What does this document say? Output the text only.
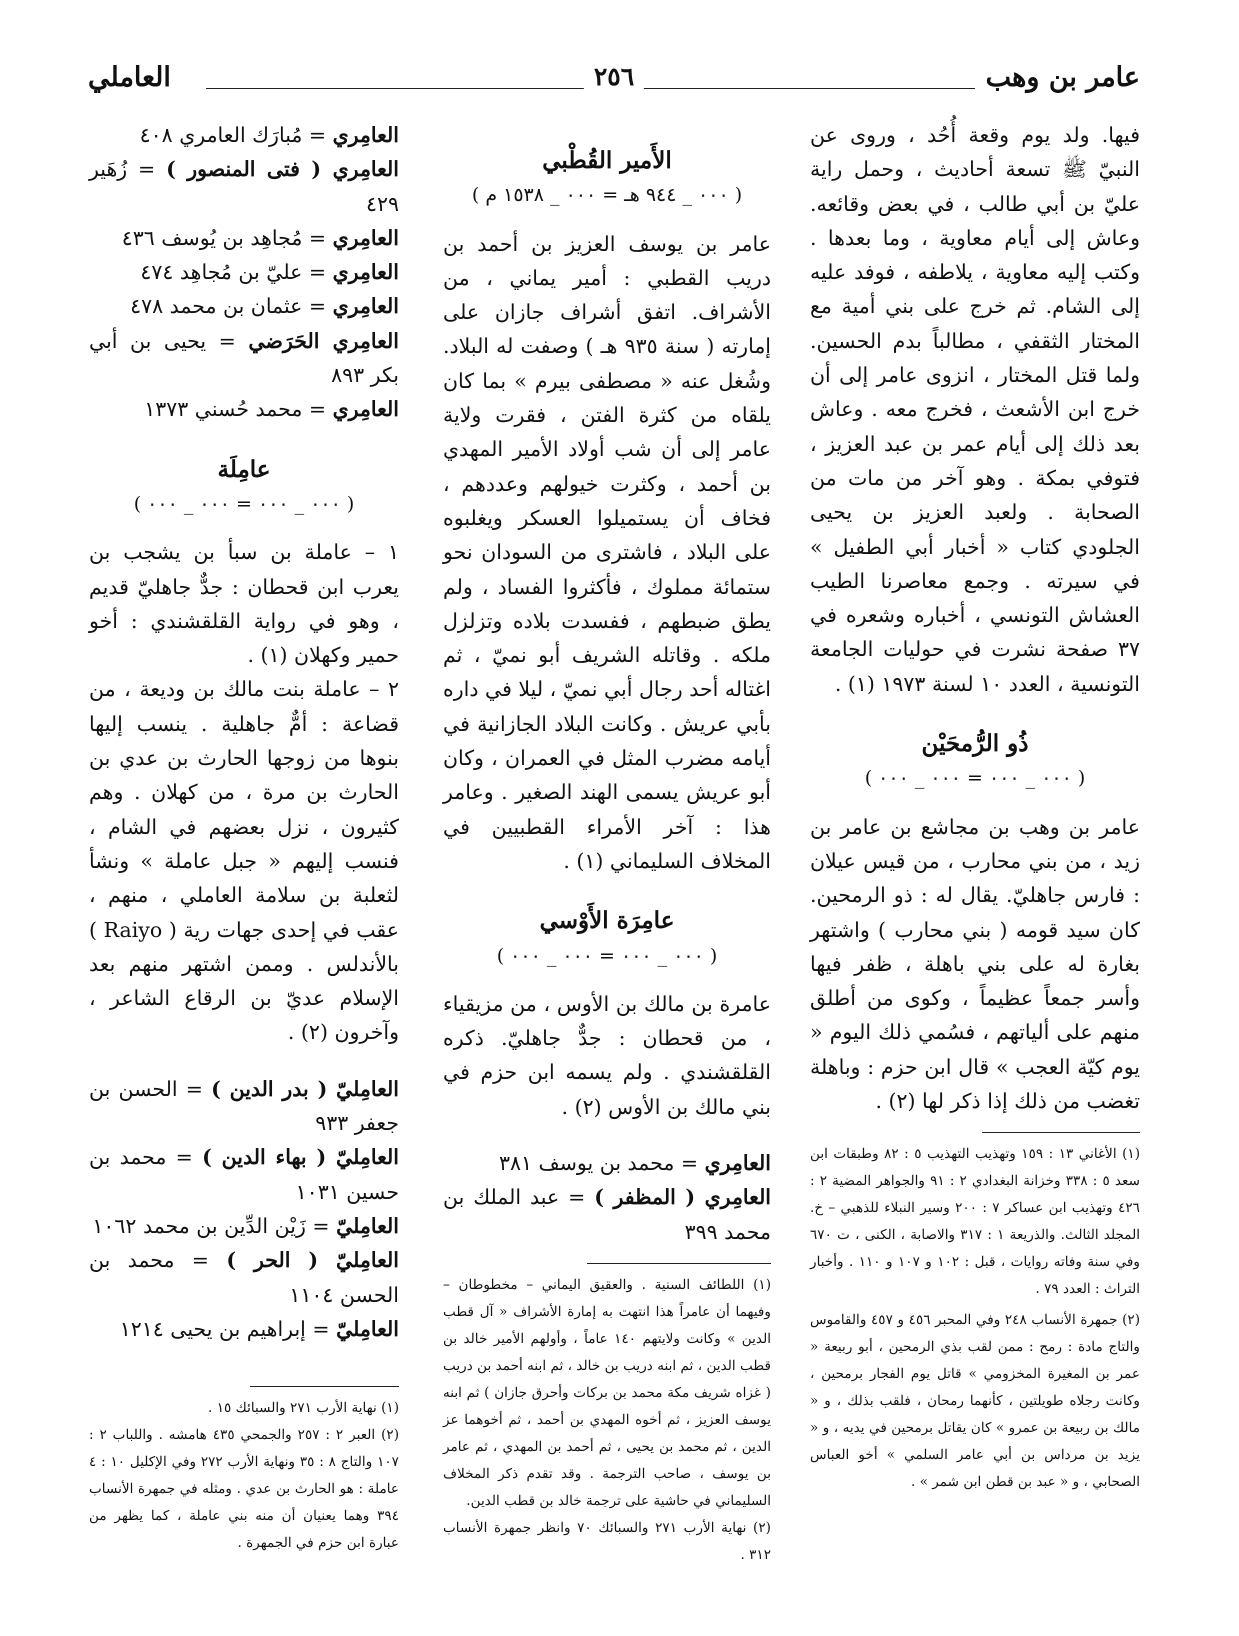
عامر بن وهب
٢٥٦
العاملي

فيها. ولد يوم وقعة أُحُد ، وروى عن النبيّ ﷺ تسعة أحاديث ، وحمل راية عليّ بن أبي طالب ، في بعض وقائعه. وعاش إلى أيام معاوية ، وما بعدها . وكتب إليه معاوية ، يلاطفه ، فوفد عليه إلى الشام. ثم خرج على بني أمية مع المختار الثقفي ، مطالباً بدم الحسين. ولما قتل المختار ، انزوى عامر إلى أن خرج ابن الأشعث ، فخرج معه . وعاش بعد ذلك إلى أيام عمر بن عبد العزيز ، فتوفي بمكة . وهو آخر من مات من الصحابة . ولعبد العزيز بن يحيى الجلودي كتاب « أخبار أبي الطفيل » في سيرته . وجمع معاصرنا الطيب العشاش التونسي ، أخباره وشعره في ٣٧ صفحة نشرت في حوليات الجامعة التونسية ، العدد ١٠ لسنة ١٩٧٣ (١) .

ذُو الرُّمحَيْن

( ٠٠٠ _ ٠٠٠ = ٠٠٠ _ ٠٠٠ )

عامر بن وهب بن مجاشع بن عامر بن زيد ، من بني محارب ، من قيس عيلان : فارس جاهليّ. يقال له : ذو الرمحين. كان سيد قومه ( بني محارب ) واشتهر بغارة له على بني باهلة ، ظفر فيها وأسر جمعاً عظيماً ، وكوى من أطلق منهم على ألياتهم ، فسُمي ذلك اليوم « يوم كيّة العجب » قال ابن حزم : وباهلة تغضب من ذلك إذا ذكر لها (٢) .

(١) الأغاني ١٣ : ١٥٩ وتهذيب التهذيب ٥ : ٨٢ وطبقات ابن سعد ٥ : ٣٣٨ وخزانة البغدادي ٢ : ٩١ والجواهر المضية ٢ : ٤٢٦ وتهذيب ابن عساكر ٧ : ٢٠٠ وسير النبلاء للذهبي – خ. المجلد الثالث. والذريعة ١ : ٣١٧ والاصابة ، الكنى ، ت ٦٧٠ وفي سنة وفاته روايات ، قبل : ١٠٢ و ١٠٧ و ١١٠ . وأخبار التراث : العدد ٧٩ .

(٢) جمهرة الأنساب ٢٤٨ وفي المحبر ٤٥٦ و ٤٥٧ والقاموس والتاج مادة : رمح : ممن لقب بذي الرمحين ، أبو ربيعة « عمر بن المغيرة المخزومي » قاتل يوم الفجار برمحين ، وكانت رجلاه طويلتين ، كأنهما رمحان ، فلقب بذلك ، و « مالك بن ربيعة بن عمرو » كان يقاتل برمحين في يديه ، و « يزيد بن مرداس بن أبي عامر السلمي » أخو العباس الصحابي ، و « عبد بن قطن ابن شمر » .

الأَمير القُطْبي

( ٠٠٠ _ ٩٤٤ هـ = ٠٠٠ _ ١٥٣٨ م )

عامر بن يوسف العزيز بن أحمد بن دريب القطبي : أمير يماني ، من الأشراف. اتفق أشراف جازان على إمارته ( سنة ٩٣٥ هـ ) وصفت له البلاد. وشُغل عنه « مصطفى بيرم » بما كان يلقاه من كثرة الفتن ، فقرت ولاية عامر إلى أن شب أولاد الأمير المهدي بن أحمد ، وكثرت خيولهم وعددهم ، فخاف أن يستميلوا العسكر ويغلبوه على البلاد ، فاشترى من السودان نحو ستمائة مملوك ، فأكثروا الفساد ، ولم يطق ضبطهم ، ففسدت بلاده وتزلزل ملكه . وقاتله الشريف أبو نميّ ، ثم اغتاله أحد رجال أبي نميّ ، ليلا في داره بأبي عريش . وكانت البلاد الجازانية في أيامه مضرب المثل في العمران ، وكان أبو عريش يسمى الهند الصغير . وعامر هذا : آخر الأمراء القطبيين في المخلاف السليماني (١) .

عامِرَة الأَوْسي

( ٠٠٠ _ ٠٠٠ = ٠٠٠ _ ٠٠٠ )

عامرة بن مالك بن الأوس ، من مزيقياء ، من قحطان : جدٌّ جاهليّ. ذكره القلقشندي . ولم يسمه ابن حزم في بني مالك بن الأوس (٢) .

العامِري = محمد بن يوسف ٣٨١

العامِري ( المظفر ) = عبد الملك بن محمد ٣٩٩

(١) اللطائف السنية . والعقيق اليماني – مخطوطان – وفيهما أن عامراً هذا انتهت به إمارة الأشراف « آل قطب الدين » وكانت ولايتهم ١٤٠ عاماً ، وأولهم الأمير خالد بن قطب الدين ، ثم ابنه دريب بن خالد ، ثم ابنه أحمد بن دريب ( غزاه شريف مكة محمد بن بركات وأحرق جازان ) ثم ابنه يوسف العزيز ، ثم أخوه المهدي بن أحمد ، ثم أخوهما عز الدين ، ثم محمد بن يحيى ، ثم أحمد بن المهدي ، ثم عامر بن يوسف ، صاحب الترجمة . وقد تقدم ذكر المخلاف السليماني في حاشية على ترجمة خالد بن قطب الدين.

(٢) نهاية الأرب ٢٧١ والسبائك ٧٠ وانظر جمهرة الأنساب ٣١٢ .

العامِري = مُبارَك العامري ٤٠٨

العامِري ( فتى المنصور ) = زُهَير ٤٢٩

العامِري = مُجاهِد بن يُوسف ٤٣٦

العامِري = عليّ بن مُجاهِد ٤٧٤

العامِري = عثمان بن محمد ٤٧٨

العامِري الحَرَضي = يحيى بن أبي بكر ٨٩٣

العامِري = محمد حُسني ١٣٧٣

عامِلَة

( ٠٠٠ _ ٠٠٠ = ٠٠٠ _ ٠٠٠ )

١ – عاملة بن سبأ بن يشجب بن يعرب ابن قحطان : جدٌّ جاهليّ قديم ، وهو في رواية القلقشندي : أخو حمير وكهلان (١) .

٢ – عاملة بنت مالك بن وديعة ، من قضاعة : أمٌّ جاهلية . ينسب إليها بنوها من زوجها الحارث بن عدي بن الحارث بن مرة ، من كهلان . وهم كثيرون ، نزل بعضهم في الشام ، فنسب إليهم « جبل عاملة » ونشأ لثعلبة بن سلامة العاملي ، منهم ، عقب في إحدى جهات رية ( Raiyo ) بالأندلس . وممن اشتهر منهم بعد الإسلام عديّ بن الرقاع الشاعر ، وآخرون (٢) .

العامِليّ ( بدر الدين ) = الحسن بن جعفر ٩٣٣

العامِليّ ( بهاء الدين ) = محمد بن حسين ١٠٣١

العامِليّ = زَيْن الدِّين بن محمد ١٠٦٢

العامِليّ ( الحر ) = محمد بن الحسن ١١٠٤

العامِليّ = إبراهيم بن يحيى ١٢١٤

(١) نهاية الأرب ٢٧١ والسبائك ١٥ .

(٢) العبر ٢ : ٢٥٧ والجمحي ٤٣٥ هامشه . واللباب ٢ : ١٠٧ والتاج ٨ : ٣٥ ونهاية الأرب ٢٧٢ وفي الإكليل ١٠ : ٤ عاملة : هو الحارث بن عدي . ومثله في جمهرة الأنساب ٣٩٤ وهما يعنيان أن منه بني عاملة ، كما يظهر من عبارة ابن حزم في الجمهرة .
